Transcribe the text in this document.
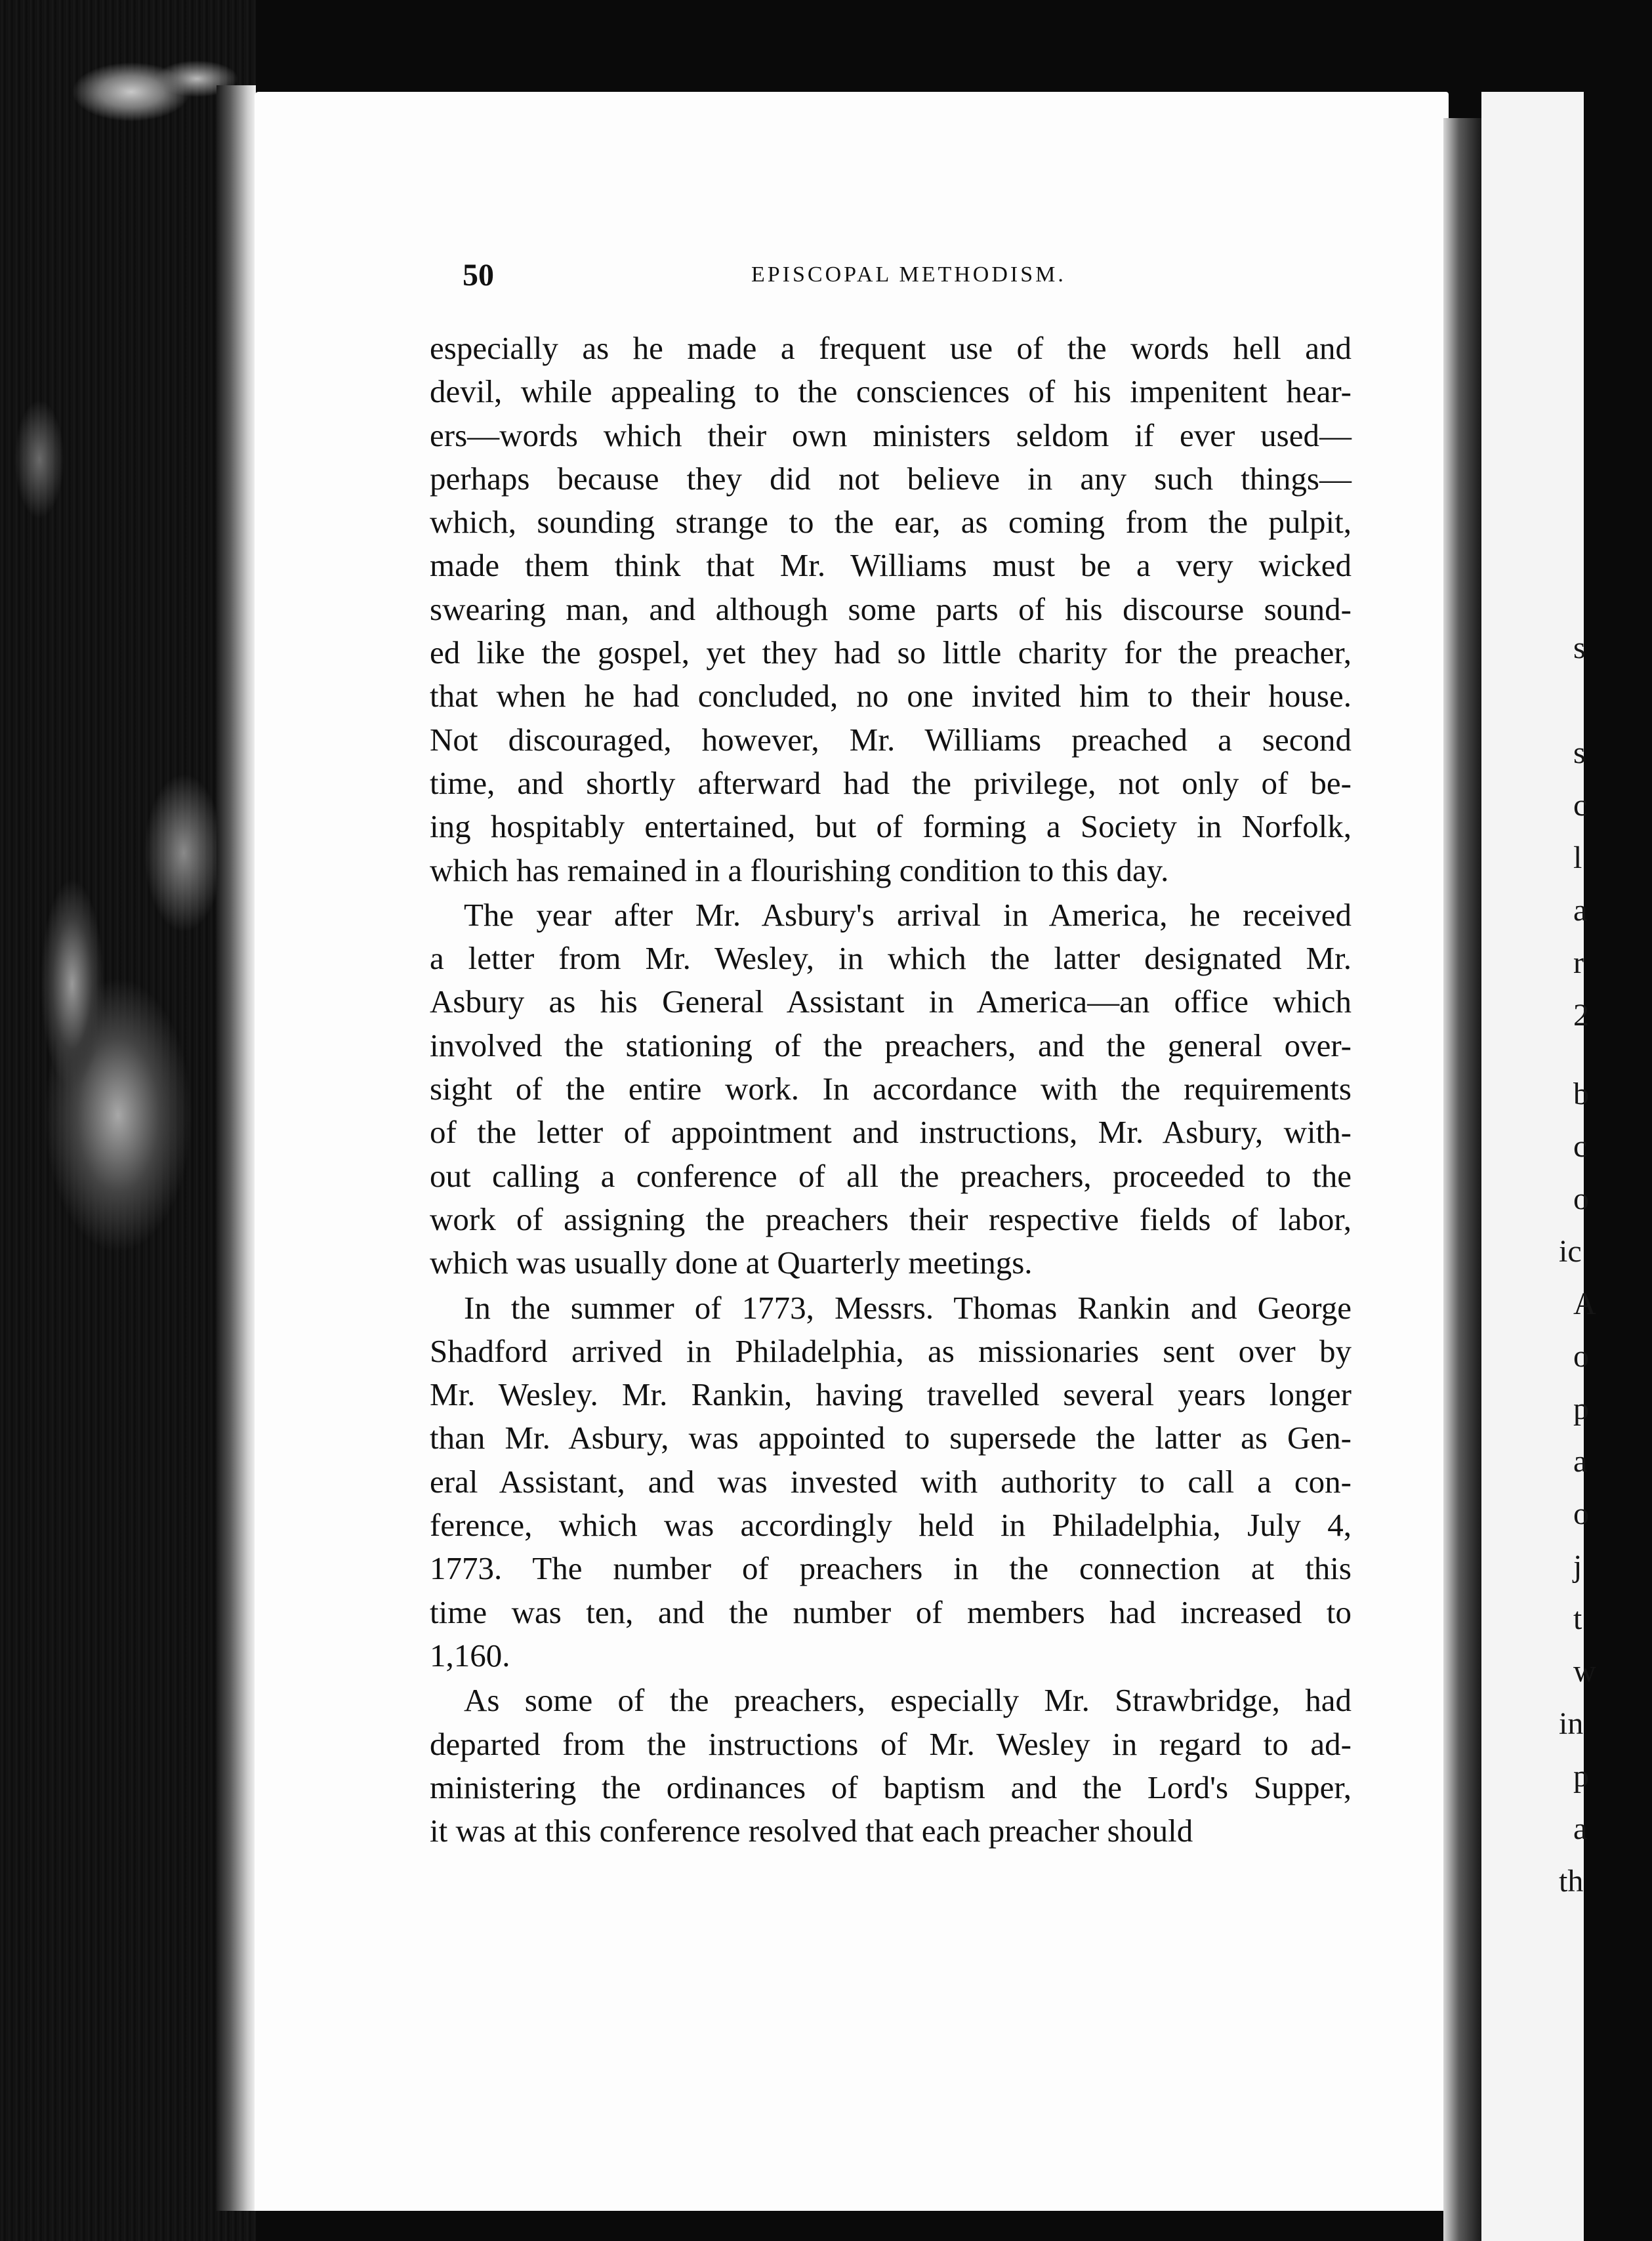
50	EPISCOPAL METHODISM.
especially as he made a frequent use of the words hell and
devil, while appealing to the consciences of his impenitent hear-
ers—words which their own ministers seldom if ever used—
perhaps because they did not believe in any such things—
which, sounding strange to the ear, as coming from the pulpit,
made them think that Mr. Williams must be a very wicked
swearing man, and although some parts of his discourse sound-
ed like the gospel, yet they had so little charity for the preacher,
that when he had concluded, no one invited him to their house.
Not discouraged, however, Mr. Williams preached a second
time, and shortly afterward had the privilege, not only of be-
ing hospitably entertained, but of forming a Society in Norfolk,
which has remained in a flourishing condition to this day.
The year after Mr. Asbury's arrival in America, he received
a letter from Mr. Wesley, in which the latter designated Mr.
Asbury as his General Assistant in America—an office which
involved the stationing of the preachers, and the general over-
sight of the entire work. In accordance with the requirements
of the letter of appointment and instructions, Mr. Asbury, with-
out calling a conference of all the preachers, proceeded to the
work of assigning the preachers their respective fields of labor,
which was usually done at Quarterly meetings.
In the summer of 1773, Messrs. Thomas Rankin and George
Shadford arrived in Philadelphia, as missionaries sent over by
Mr. Wesley. Mr. Rankin, having travelled several years longer
than Mr. Asbury, was appointed to supersede the latter as Gen-
eral Assistant, and was invested with authority to call a con-
ference, which was accordingly held in Philadelphia, July 4,
1773. The number of preachers in the connection at this
time was ten, and the number of members had increased to
1,160.
As some of the preachers, especially Mr. Strawbridge, had
departed from the instructions of Mr. Wesley in regard to ad-
ministering the ordinances of baptism and the Lord's Supper,
it was at this conference resolved that each preacher should
s
s
c
l
a
r
2
b
c
o
ic
A
o
p
a
o
j
t
w
in
p
a
th
